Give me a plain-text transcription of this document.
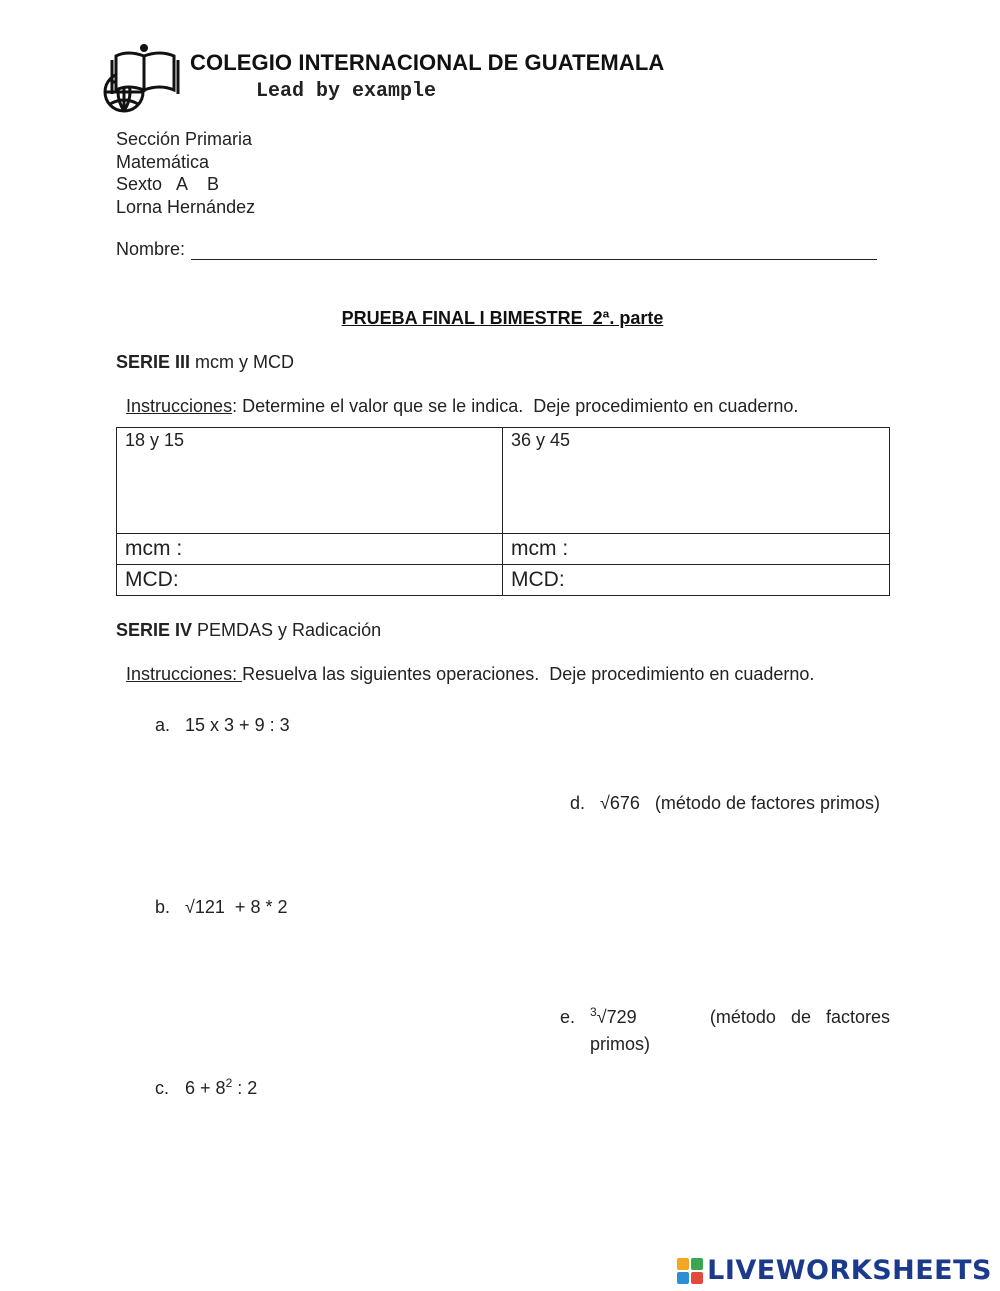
COLEGIO INTERNACIONAL DE GUATEMALA
Lead by example
Sección Primaria
Matemática
Sexto   A    B
Lorna Hernández
Nombre:
PRUEBA FINAL I BIMESTRE  2ª. parte
SERIE III mcm y MCD

Instrucciones: Determine el valor que se le indica.  Deje procedimiento en cuaderno.

18 y 15	36 y 45
mcm :	mcm :
MCD:	MCD:
SERIE IV PEMDAS y Radicación

Instrucciones: Resuelva las siguientes operaciones.  Deje procedimiento en cuaderno.

a. 15 x 3 + 9 : 3

d. √676   (método de factores primos)

b. √121  + 8 * 2

e. $^3$√729	(método   de   factores
primos)

c. $6 + 8^2$ : 2

LIVEWORKSHEETS
